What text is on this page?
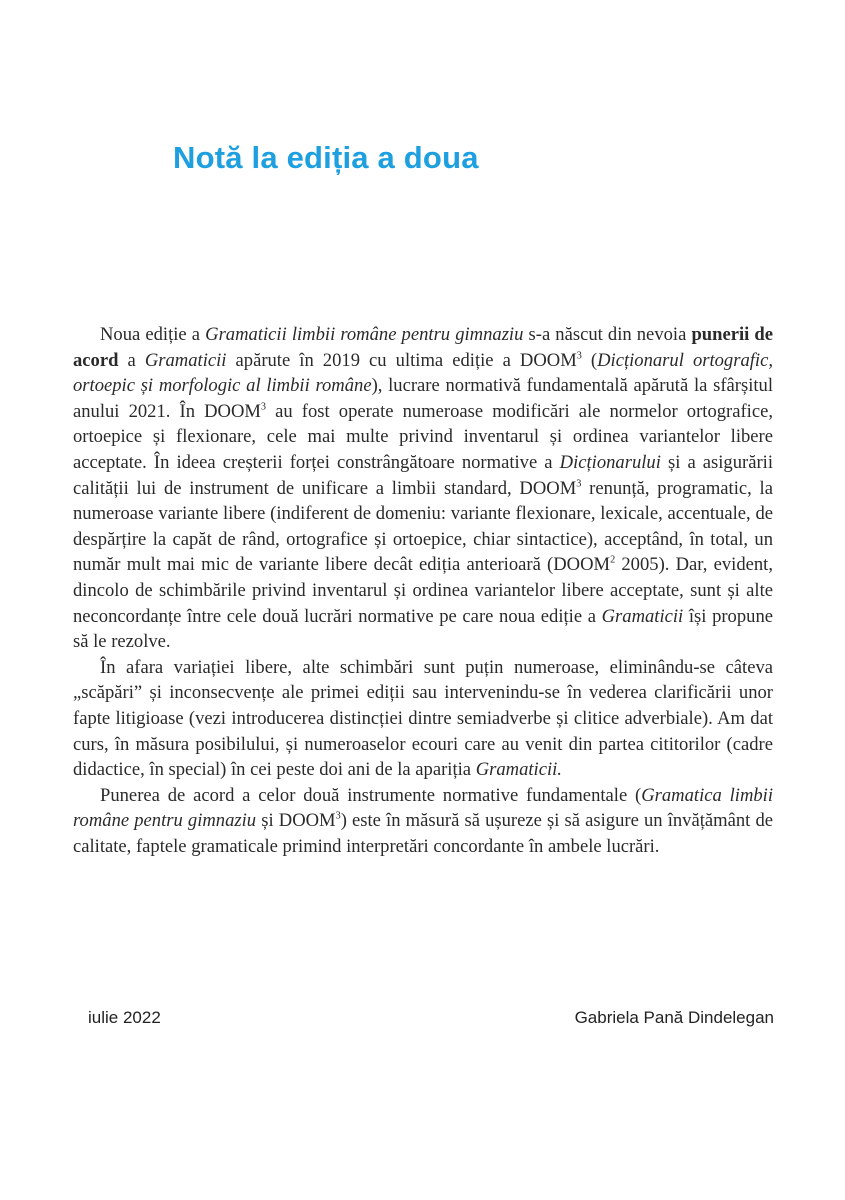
Notă la ediția a doua

Noua ediție a Gramaticii limbii române pentru gimnaziu s-a născut din nevoia punerii de acord a Gramaticii apărute în 2019 cu ultima ediție a DOOM$^3$ (Dicționarul ortografic, ortoepic și morfologic al limbii române), lucrare normativă fundamentală apărută la sfârșitul anului 2021. În DOOM$^3$ au fost operate numeroase modificări ale normelor ortografice, ortoepice și flexionare, cele mai multe privind inventarul și ordinea variantelor libere acceptate. În ideea creșterii forței constrângătoare normative a Dicționarului și a asigurării calității lui de instrument de unificare a limbii standard, DOOM$^3$ renunță, programatic, la numeroase variante libere (indiferent de domeniu: variante flexionare, lexicale, accentuale, de despărțire la capăt de rând, ortografice și ortoepice, chiar sintactice), acceptând, în total, un număr mult mai mic de variante libere decât ediția anterioară (DOOM$^2$ 2005). Dar, evident, dincolo de schimbările privind inventarul și ordinea variantelor libere acceptate, sunt și alte neconcordanțe între cele două lucrări normative pe care noua ediție a Gramaticii își propune să le rezolve.

În afara variației libere, alte schimbări sunt puțin numeroase, eliminându-se câteva „scăpări” și inconsecvențe ale primei ediții sau intervenindu-se în vederea clarificării unor fapte litigioase (vezi introducerea distincției dintre semiadverbe și clitice adverbiale). Am dat curs, în măsura posibilului, și numeroaselor ecouri care au venit din partea cititorilor (cadre didactice, în special) în cei peste doi ani de la apariția Gramaticii.

Punerea de acord a celor două instrumente normative fundamentale (Gramatica limbii române pentru gimnaziu și DOOM$^3$) este în măsură să ușureze și să asigure un învățământ de calitate, faptele gramaticale primind interpretări concordante în ambele lucrări.

iulie 2022	Gabriela Pană Dindelegan
